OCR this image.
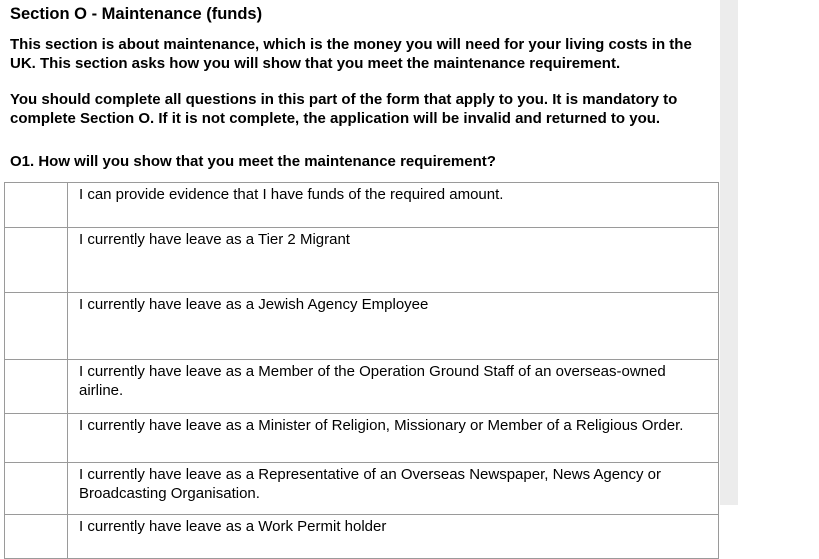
Section O - Maintenance (funds)

This section is about maintenance, which is the money you will need for your living costs in the UK. This section asks how you will show that you meet the maintenance requirement.

You should complete all questions in this part of the form that apply to you. It is mandatory to complete Section O. If it is not complete, the application will be invalid and returned to you.

O1. How will you show that you meet the maintenance requirement?

	I can provide evidence that I have funds of the required amount.
	I currently have leave as a Tier 2 Migrant
	I currently have leave as a Jewish Agency Employee
	I currently have leave as a Member of the Operation Ground Staff of an overseas-owned airline.
	I currently have leave as a Minister of Religion, Missionary or Member of a Religious Order.
	I currently have leave as a Representative of an Overseas Newspaper, News Agency or Broadcasting Organisation.
	I currently have leave as a Work Permit holder
